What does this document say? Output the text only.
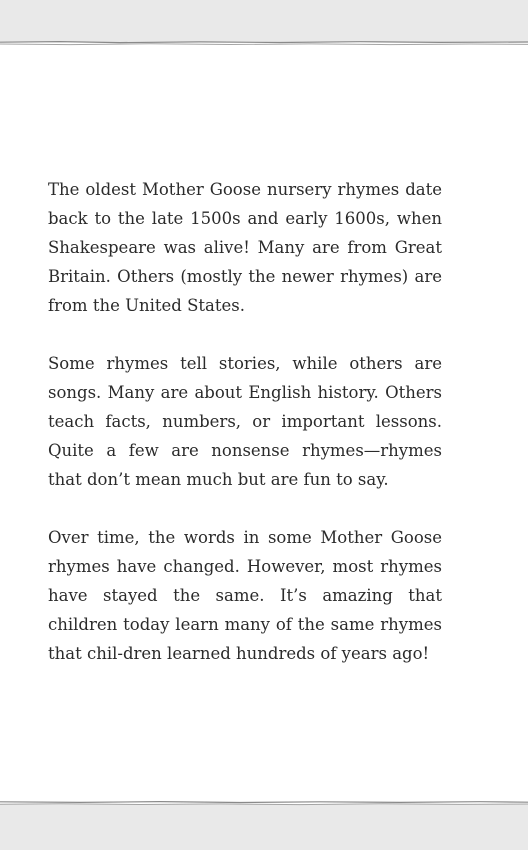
The oldest Mother Goose nursery rhymes date back to the late 1500s and early 1600s, when Shakespeare was alive! Many are from Great Britain. Others (mostly the newer rhymes) are from the United States.

Some rhymes tell stories, while others are songs. Many are about English history. Others teach facts, numbers, or important lessons. Quite a few are nonsense rhymes—rhymes that don’t mean much but are fun to say.

Over time, the words in some Mother Goose rhymes have changed. However, most rhymes have stayed the same. It’s amazing that children today learn many of the same rhymes that chil-dren learned hundreds of years ago!
